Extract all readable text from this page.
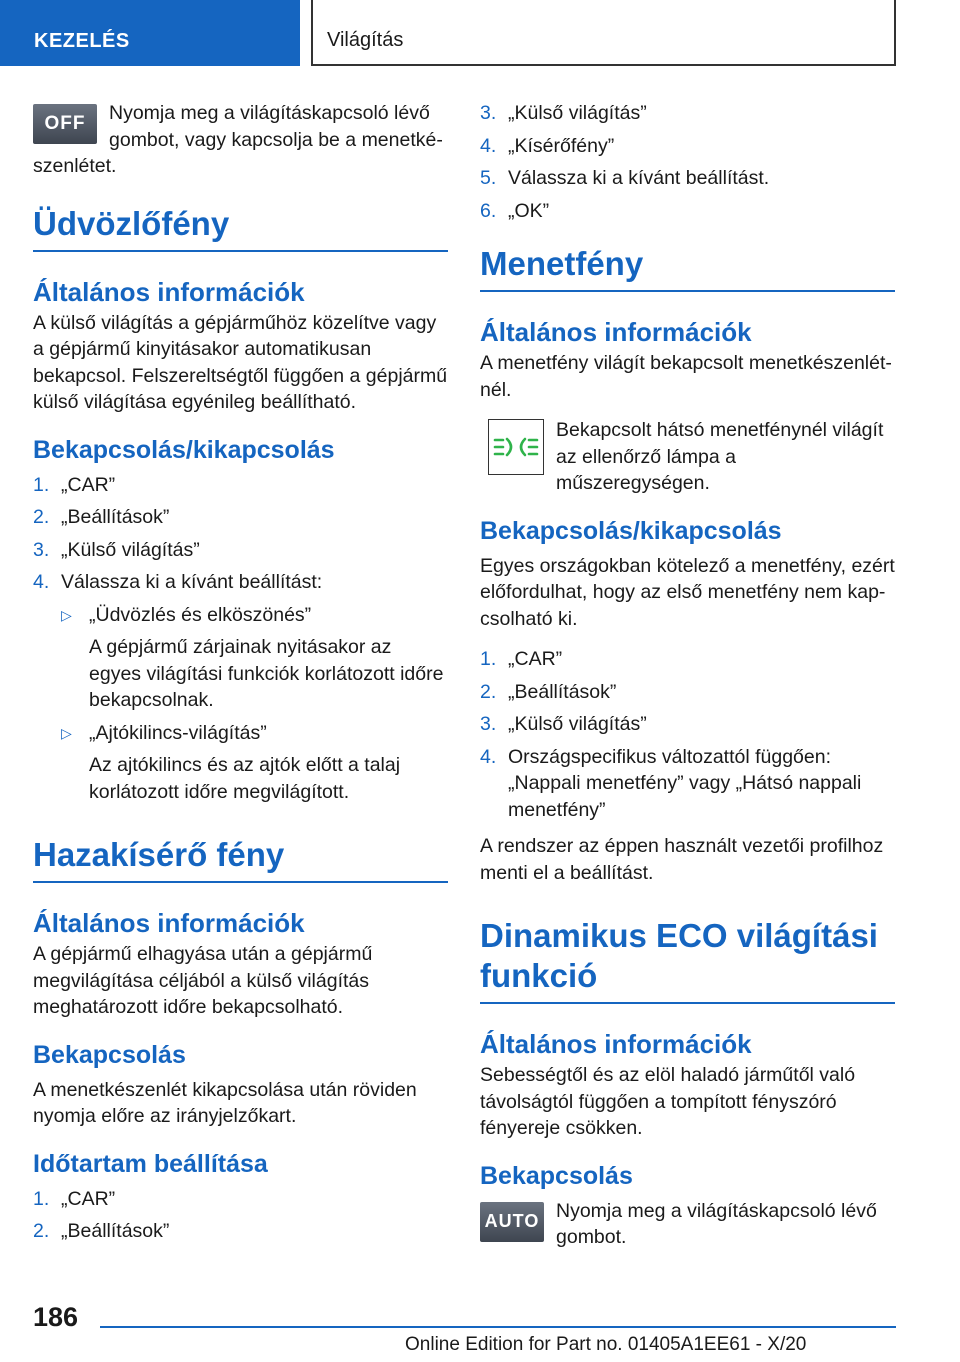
KEZELÉS	Világítás
OFF	Nyomja meg a világításkapcsoló lévő gombot, vagy kapcsolja be a menetkészenlétet.
Üdvözlőfény
Általános információk
A külső világítás a gépjárműhöz közelítve vagy a gépjármű kinyitásakor automatikusan bekapcsol. Felszereltségtől függően a gépjármű külső világítása egyénileg beállítható.
Bekapcsolás/kikapcsolás
1. „CAR”
2. „Beállítások”
3. „Külső világítás”
4. Válassza ki a kívánt beállítást:
▷ „Üdvözlés és elköszönés”
A gépjármű zárjainak nyitásakor az egyes világítási funkciók korlátozott időre bekapcsolnak.
▷ „Ajtókilincs-világítás”
Az ajtókilincs és az ajtók előtt a talaj korlátozott időre megvilágított.
Hazakísérő fény
Általános információk
A gépjármű elhagyása után a gépjármű megvilágítása céljából a külső világítás meghatározott időre bekapcsolható.
Bekapcsolás
A menetkészenlét kikapcsolása után röviden nyomja előre az irányjelzőkart.
Időtartam beállítása
1. „CAR”
2. „Beállítások”
3. „Külső világítás”
4. „Kísérőfény”
5. Válassza ki a kívánt beállítást.
6. „OK”
Menetfény
Általános információk
A menetfény világít bekapcsolt menetkészenlétnél.
Bekapcsolt hátsó menetfénynél világít az ellenőrző lámpa a műszeregységen.
Bekapcsolás/kikapcsolás
Egyes országokban kötelező a menetfény, ezért előfordulhat, hogy az első menetfény nem kapcsolható ki.
1. „CAR”
2. „Beállítások”
3. „Külső világítás”
4. Országspecifikus változattól függően: „Nappali menetfény” vagy „Hátsó nappali menetfény”
A rendszer az éppen használt vezetői profilhoz menti el a beállítást.
Dinamikus ECO világítási funkció
Általános információk
Sebességtől és az elöl haladó járműtől való távolságtól függően a tompított fényszóró fényereje csökken.
Bekapcsolás
AUTO Nyomja meg a világításkapcsoló lévő gombot.
186
Online Edition for Part no. 01405A1EE61 - X/20
